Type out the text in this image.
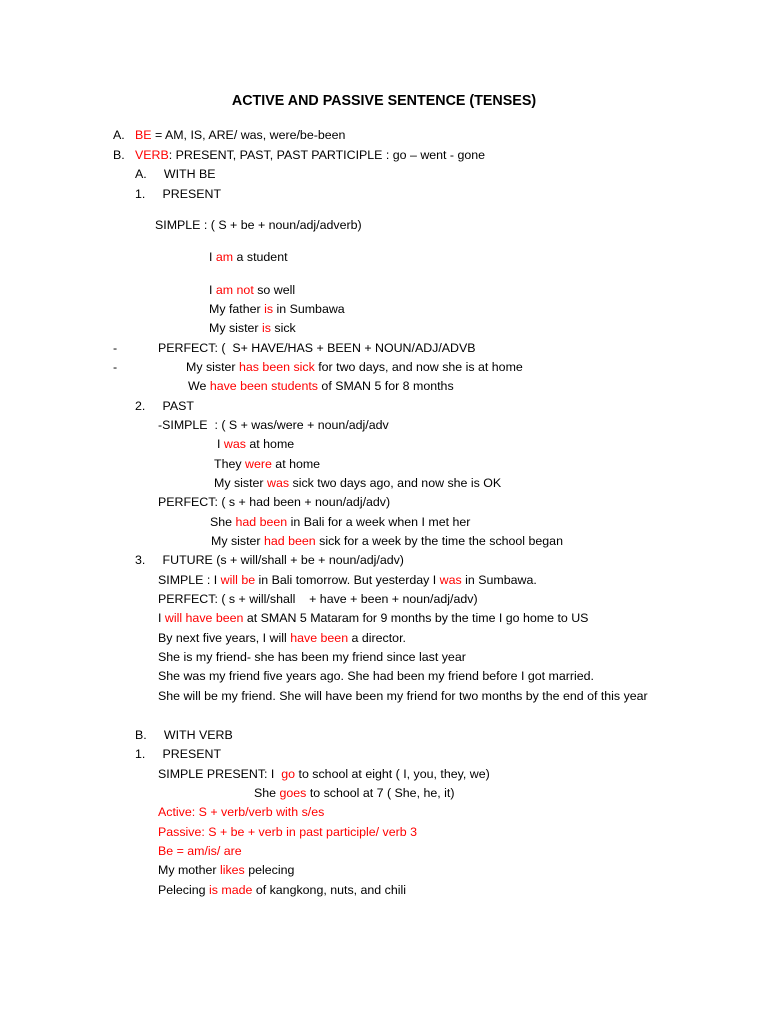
ACTIVE AND PASSIVE SENTENCE (TENSES)
A. BE = AM, IS, ARE/ was, were/be-been
B. VERB: PRESENT, PAST, PAST PARTICIPLE : go – went - gone
A.     WITH BE
1.     PRESENT
SIMPLE : ( S + be + noun/adj/adverb)
I am a student
I am not so well
My father is in Sumbawa
My sister is sick
-	PERFECT: (  S+ HAVE/HAS + BEEN + NOUN/ADJ/ADVB
-	My sister has been sick for two days, and now she is at home
We have been students of SMAN 5 for 8 months
2.     PAST
-SIMPLE  : ( S + was/were + noun/adj/adv
I was at home
They were at home
My sister was sick two days ago, and now she is OK
PERFECT: ( s + had been + noun/adj/adv)
She had been in Bali for a week when I met her
My sister had been sick for a week by the time the school began
3.     FUTURE (s + will/shall + be + noun/adj/adv)
SIMPLE : I will be in Bali tomorrow. But yesterday I was in Sumbawa.
PERFECT: ( s + will/shall    + have + been + noun/adj/adv)
I will have been at SMAN 5 Mataram for 9 months by the time I go home to US
By next five years, I will have been a director.
She is my friend- she has been my friend since last year
She was my friend five years ago. She had been my friend before I got married.
She will be my friend. She will have been my friend for two months by the end of this year
B.     WITH VERB
1.     PRESENT
SIMPLE PRESENT: I  go to school at eight ( I, you, they, we)
She goes to school at 7 ( She, he, it)
Active: S + verb/verb with s/es
Passive: S + be + verb in past participle/ verb 3
Be = am/is/ are
My mother likes pelecing
Pelecing is made of kangkong, nuts, and chili
